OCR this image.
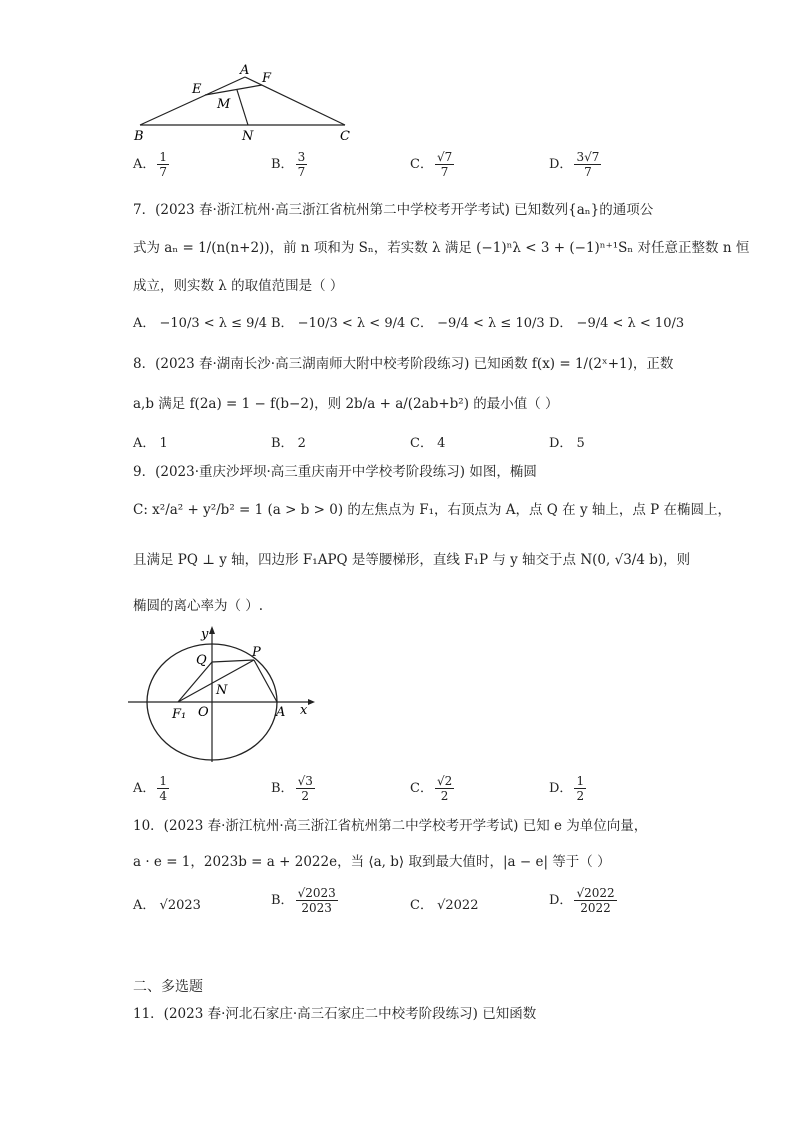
A
E
F
M
B	N	C
A． $\frac{1}{7}$	B． $\frac{3}{7}$	C． $\frac{√7}{7}$	D． $\frac{3√7}{7}$
7．(2023 春·浙江杭州·高三浙江省杭州第二中学校考开学考试) 已知数列{aₙ}的通项公
式为 aₙ = 1/(n(n+2))，前 n 项和为 Sₙ，若实数 λ 满足 (−1)ⁿλ < 3 + (−1)ⁿ⁺¹Sₙ 对任意正整数 n 恒
成立，则实数 λ 的取值范围是（ ）
A． −10/3 < λ ≤ 9/4 B． −10/3 < λ < 9/4 C． −9/4 < λ ≤ 10/3 D． −9/4 < λ < 10/3
8．(2023 春·湖南长沙·高三湖南师大附中校考阶段练习) 已知函数 f(x) = 1/(2ˣ+1)，正数
a,b 满足 f(2a) = 1 − f(b−2)，则 2b/a + a/(2ab+b²) 的最小值（ ）
A． 1	B． 2	C． 4	D． 5
9．(2023·重庆沙坪坝·高三重庆南开中学校考阶段练习) 如图，椭圆
C: x²/a² + y²/b² = 1 (a > b > 0) 的左焦点为 F₁，右顶点为 A，点 Q 在 y 轴上，点 P 在椭圆上，
且满足 PQ ⊥ y 轴，四边形 F₁APQ 是等腰梯形，直线 F₁P 与 y 轴交于点 N(0, √3/4 b)，则
椭圆的离心率为（ ）.
y
x
Q
P
N
F₁ O	A
A． $\frac{1}{4}$	B． $\frac{√3}{2}$	C． $\frac{√2}{2}$	D． $\frac{1}{2}$
10．(2023 春·浙江杭州·高三浙江省杭州第二中学校考开学考试) 已知 e 为单位向量，
a · e = 1，2023b = a + 2022e，当 ⟨a, b⟩ 取到最大值时，|a − e| 等于（ ）
A． √2023	B． $\frac{√2023}{2023}$	C． √2022	D． $\frac{√2022}{2022}$
二、多选题
11．(2023 春·河北石家庄·高三石家庄二中校考阶段练习) 已知函数
